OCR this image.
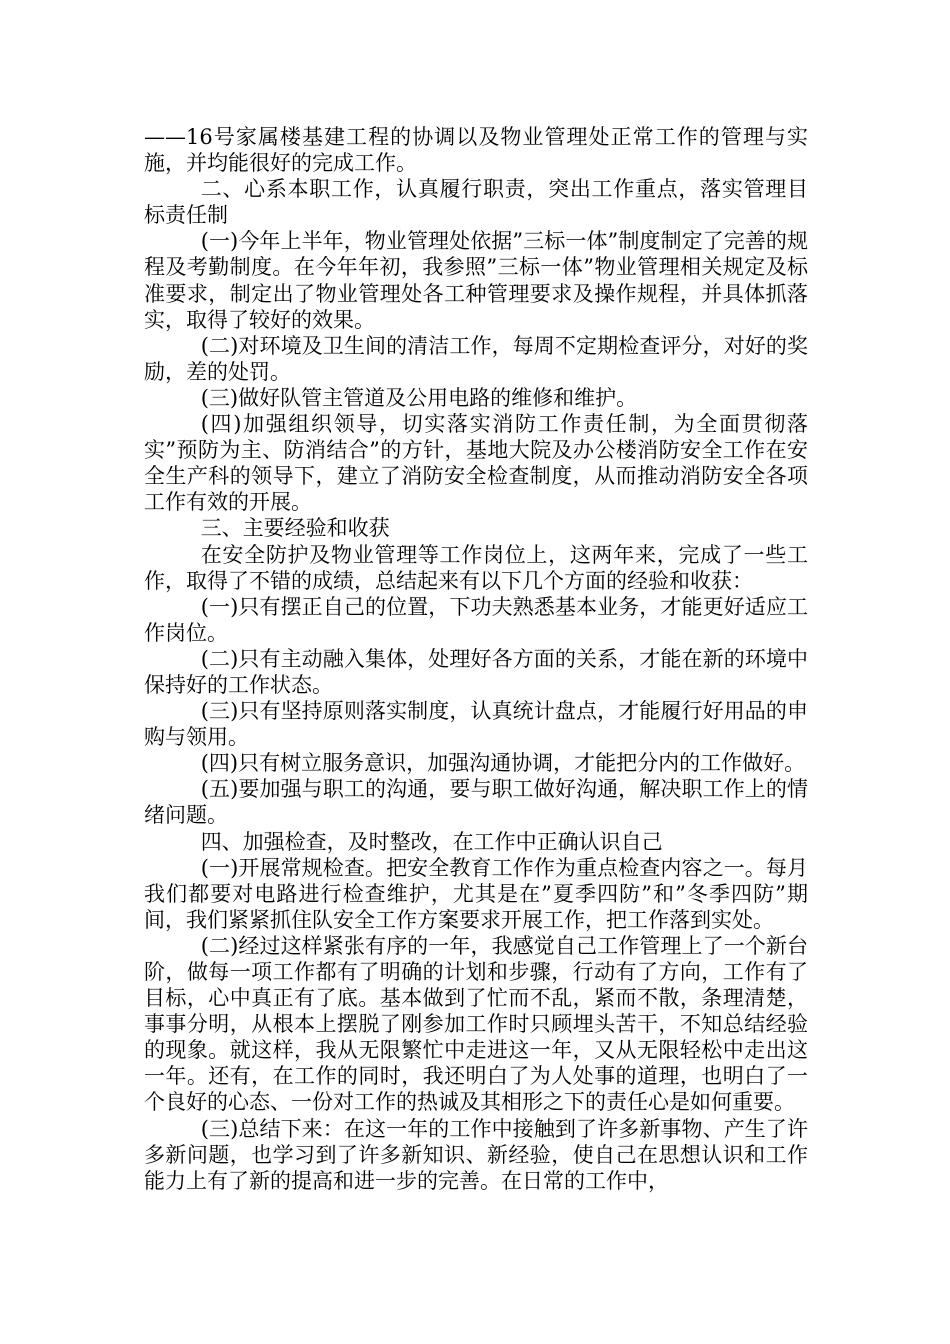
——16号家属楼基建工程的协调以及物业管理处正常工作的管理与实施，并均能很好的完成工作。

二、心系本职工作，认真履行职责，突出工作重点，落实管理目标责任制

(一)今年上半年，物业管理处依据”三标一体”制度制定了完善的规程及考勤制度。在今年年初，我参照”三标一体”物业管理相关规定及标准要求，制定出了物业管理处各工种管理要求及操作规程，并具体抓落实，取得了较好的效果。

(二)对环境及卫生间的清洁工作，每周不定期检查评分，对好的奖励，差的处罚。

(三)做好队管主管道及公用电路的维修和维护。

(四)加强组织领导，切实落实消防工作责任制，为全面贯彻落实”预防为主、防消结合”的方针，基地大院及办公楼消防安全工作在安全生产科的领导下，建立了消防安全检查制度，从而推动消防安全各项工作有效的开展。

三、主要经验和收获

在安全防护及物业管理等工作岗位上，这两年来，完成了一些工作，取得了不错的成绩，总结起来有以下几个方面的经验和收获：

(一)只有摆正自己的位置，下功夫熟悉基本业务，才能更好适应工作岗位。

(二)只有主动融入集体，处理好各方面的关系，才能在新的环境中保持好的工作状态。

(三)只有坚持原则落实制度，认真统计盘点，才能履行好用品的申购与领用。

(四)只有树立服务意识，加强沟通协调，才能把分内的工作做好。

(五)要加强与职工的沟通，要与职工做好沟通，解决职工作上的情绪问题。

四、加强检查，及时整改，在工作中正确认识自己

(一)开展常规检查。把安全教育工作作为重点检查内容之一。每月我们都要对电路进行检查维护，尤其是在”夏季四防”和”冬季四防”期间，我们紧紧抓住队安全工作方案要求开展工作，把工作落到实处。

(二)经过这样紧张有序的一年，我感觉自己工作管理上了一个新台阶，做每一项工作都有了明确的计划和步骤，行动有了方向，工作有了目标，心中真正有了底。基本做到了忙而不乱，紧而不散，条理清楚，事事分明，从根本上摆脱了刚参加工作时只顾埋头苦干，不知总结经验的现象。就这样，我从无限繁忙中走进这一年，又从无限轻松中走出这一年。还有，在工作的同时，我还明白了为人处事的道理，也明白了一个良好的心态、一份对工作的热诚及其相形之下的责任心是如何重要。

(三)总结下来：在这一年的工作中接触到了许多新事物、产生了许多新问题，也学习到了许多新知识、新经验，使自己在思想认识和工作能力上有了新的提高和进一步的完善。在日常的工作中，
